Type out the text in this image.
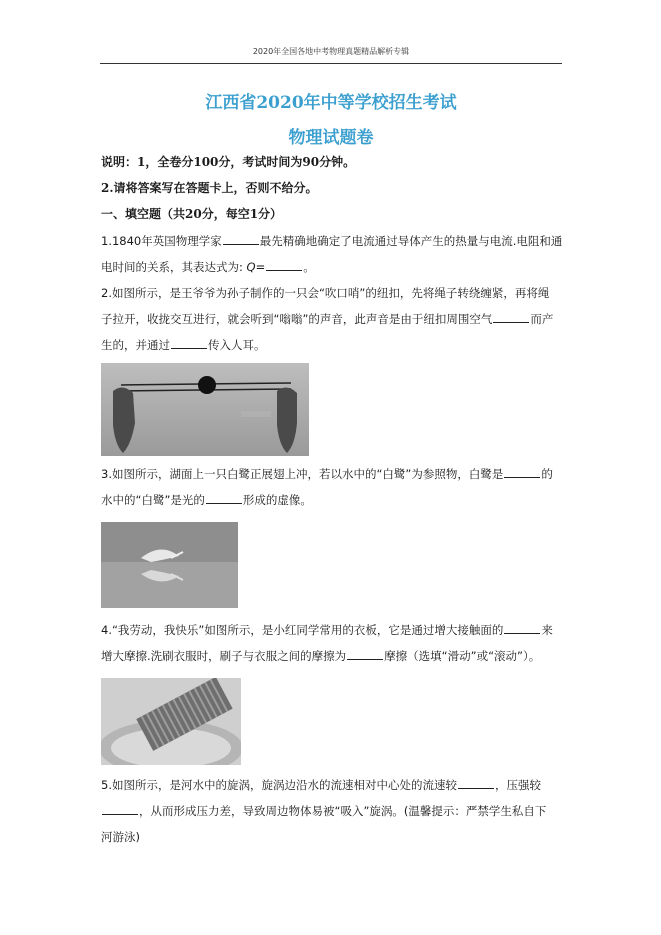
2020年全国各地中考物理真题精品解析专辑
江西省2020年中等学校招生考试
物理试题卷
说明：1，全卷分100分，考试时间为90分钟。
2.请将答案写在答题卡上，否则不给分。
一、填空题（共20分，每空1分）
1.1840年英国物理学家	最先精确地确定了电流通过导体产生的热量与电流.电阻和通
电时间的关系，其表达式为: Q=	。
2.如图所示，是王爷爷为孙子制作的一只会“吹口哨”的纽扣，先将绳子转绕缠紧，再将绳
子拉开，收拢交互进行，就会听到“嗡嗡”的声音，此声音是由于纽扣周围空气	而产
生的，并通过	传入人耳。
3.如图所示，湖面上一只白鹭正展翅上冲，若以水中的“白鹭”为参照物，白鹭是	的
水中的“白鹭”是光的	形成的虚像。
4.“我劳动，我快乐”如图所示，是小红同学常用的衣板，它是通过增大接触面的	来
增大摩擦.洗刷衣服时，刷子与衣服之间的摩擦为	摩擦（选填“滑动”或“滚动”）。
5.如图所示，是河水中的旋涡，旋涡边沿水的流速相对中心处的流速较	，压强较
，从而形成压力差，导致周边物体易被“吸入”旋涡。(温馨提示：严禁学生私自下
河游泳)
